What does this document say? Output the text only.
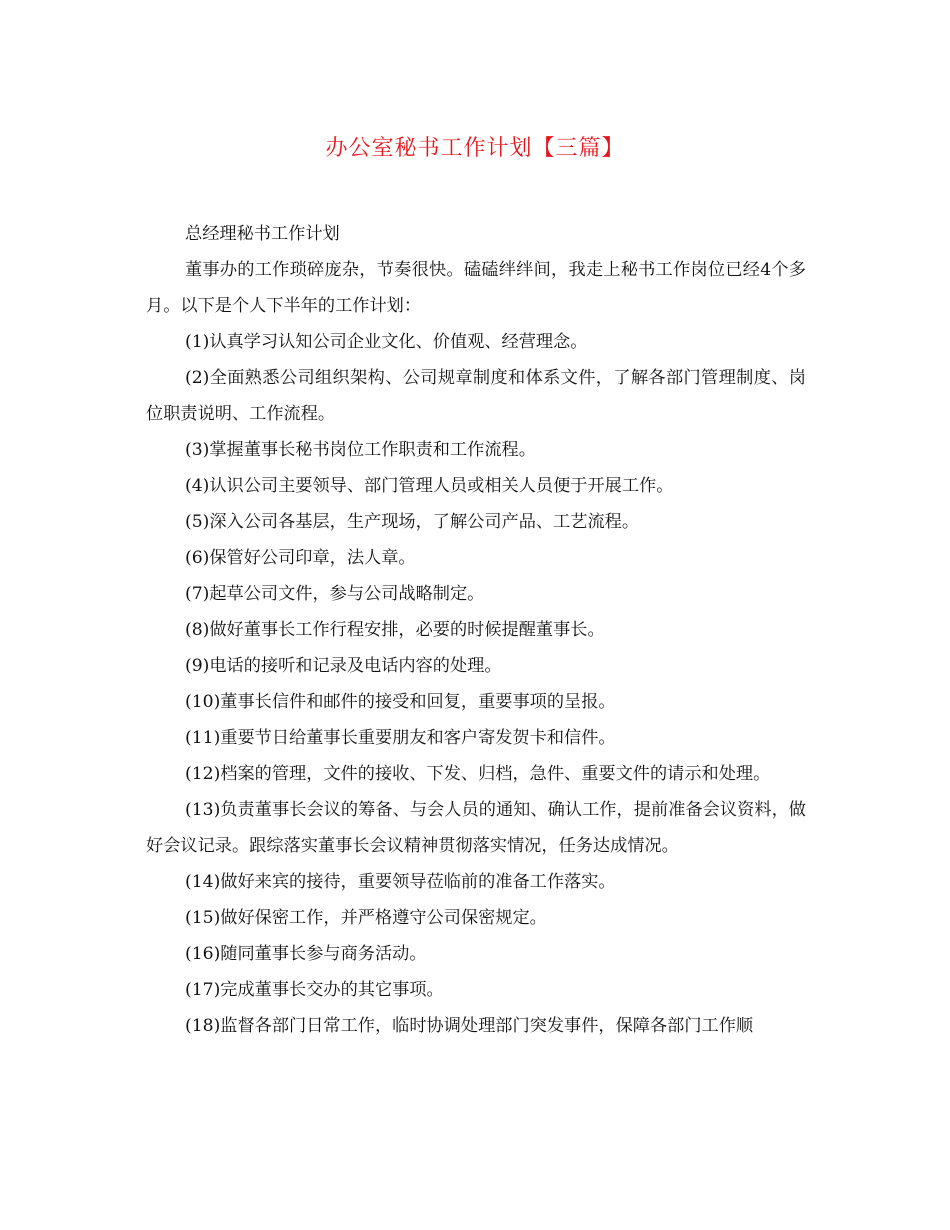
办公室秘书工作计划【三篇】

总经理秘书工作计划

董事办的工作琐碎庞杂，节奏很快。磕磕绊绊间，我走上秘书工作岗位已经4个多月。以下是个人下半年的工作计划：

(1)认真学习认知公司企业文化、价值观、经营理念。

(2)全面熟悉公司组织架构、公司规章制度和体系文件，了解各部门管理制度、岗位职责说明、工作流程。

(3)掌握董事长秘书岗位工作职责和工作流程。

(4)认识公司主要领导、部门管理人员或相关人员便于开展工作。

(5)深入公司各基层，生产现场，了解公司产品、工艺流程。

(6)保管好公司印章，法人章。

(7)起草公司文件，参与公司战略制定。

(8)做好董事长工作行程安排，必要的时候提醒董事长。

(9)电话的接听和记录及电话内容的处理。

(10)董事长信件和邮件的接受和回复，重要事项的呈报。

(11)重要节日给董事长重要朋友和客户寄发贺卡和信件。

(12)档案的管理，文件的接收、下发、归档，急件、重要文件的请示和处理。

(13)负责董事长会议的筹备、与会人员的通知、确认工作，提前准备会议资料，做好会议记录。跟综落实董事长会议精神贯彻落实情况，任务达成情况。

(14)做好来宾的接待，重要领导莅临前的准备工作落实。

(15)做好保密工作，并严格遵守公司保密规定。

(16)随同董事长参与商务活动。

(17)完成董事长交办的其它事项。

(18)监督各部门日常工作，临时协调处理部门突发事件，保障各部门工作顺
